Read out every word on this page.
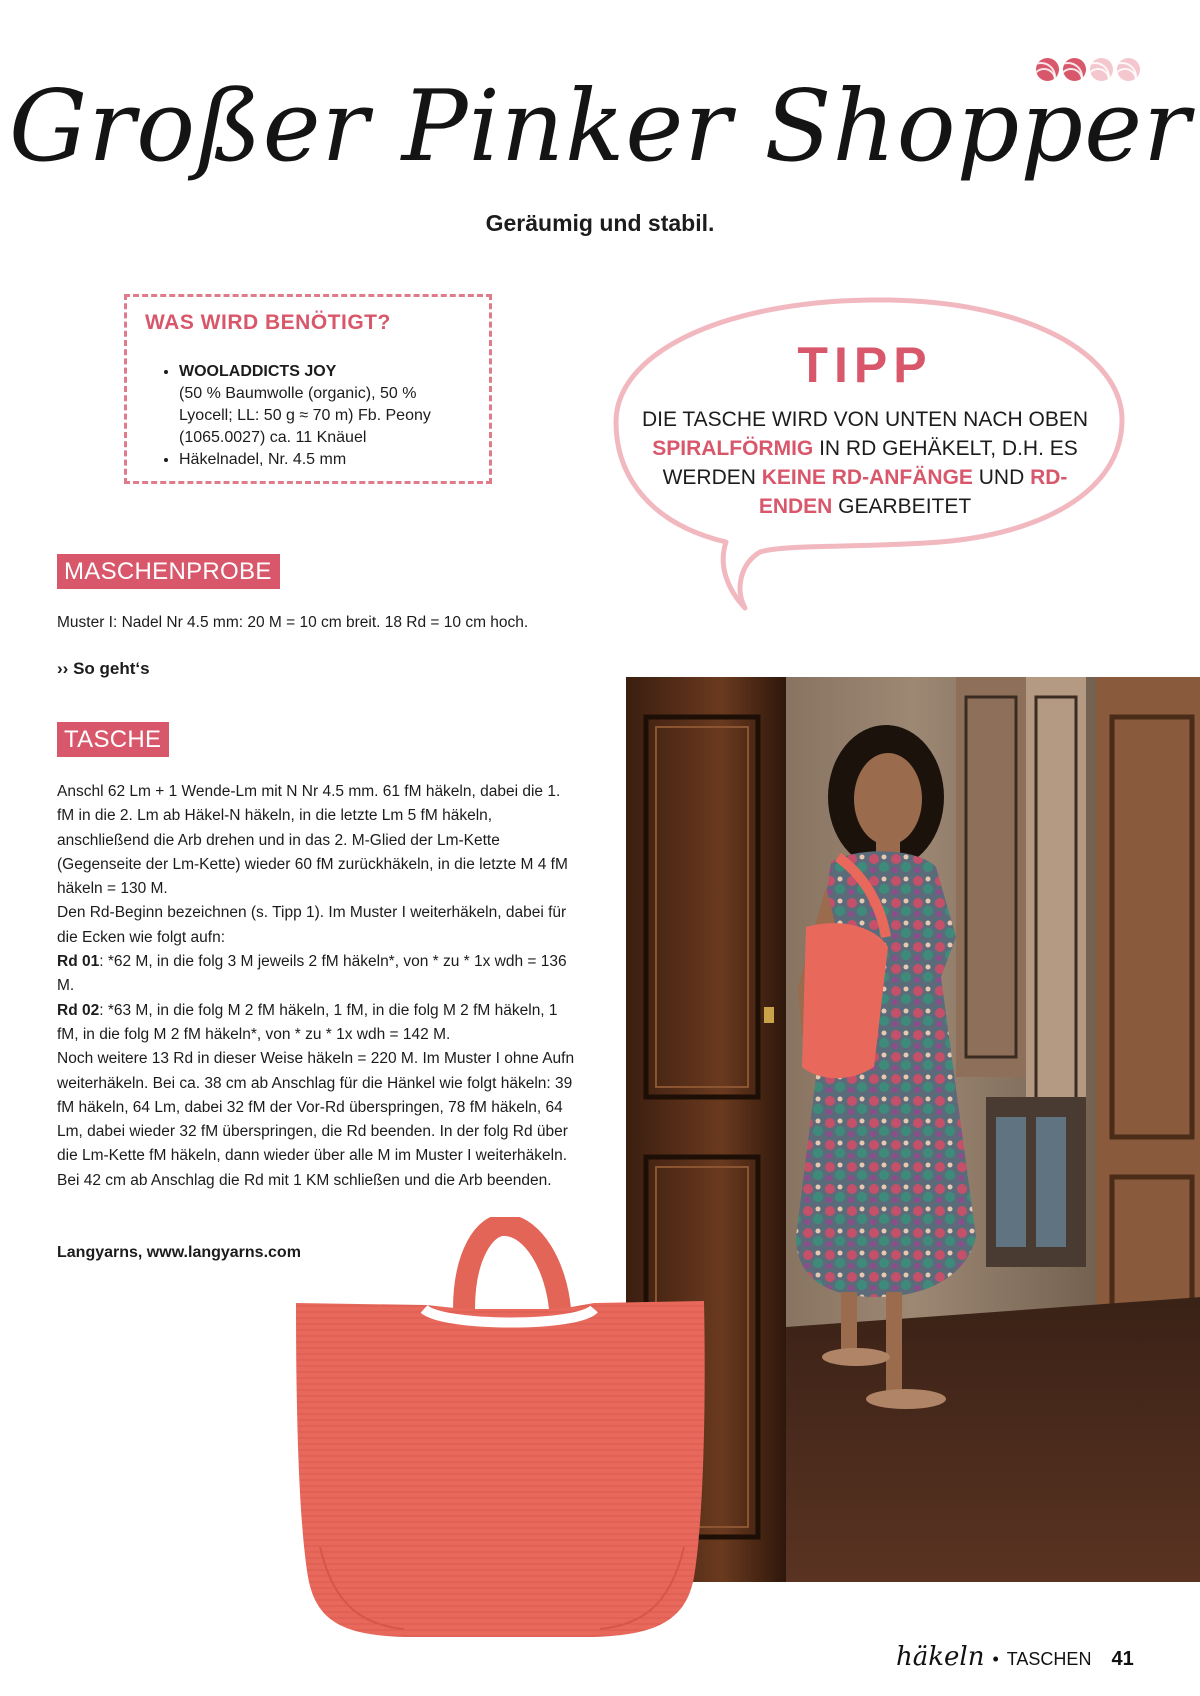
Großer Pinker Shopper
Geräumig und stabil.
WAS WIRD BENÖTIGT?
• WOOLADDICTS JOY
(50 % Baumwolle (organic), 50 % Lyocell; LL: 50 g ≈ 70 m) Fb. Peony (1065.0027) ca. 11 Knäuel
• Häkelnadel, Nr. 4.5 mm
TIPP
DIE TASCHE WIRD VON UNTEN NACH OBEN SPIRALFÖRMIG IN RD GEHÄKELT, D.H. ES WERDEN KEINE RD-ANFÄNGE UND RD-ENDEN GEARBEITET
MASCHENPROBE
Muster I: Nadel Nr 4.5 mm: 20 M = 10 cm breit. 18 Rd = 10 cm hoch.
›› So geht‘s
TASCHE
Anschl 62 Lm + 1 Wende-Lm mit N Nr 4.5 mm. 61 fM häkeln, dabei die 1. fM in die 2. Lm ab Häkel-N häkeln, in die letzte Lm 5 fM häkeln, anschließend die Arb drehen und in das 2. M-Glied der Lm-Kette (Gegenseite der Lm-Kette) wieder 60 fM zurückhäkeln, in die letzte M 4 fM häkeln = 130 M.
Den Rd-Beginn bezeichnen (s. Tipp 1). Im Muster I weiterhäkeln, dabei für die Ecken wie folgt aufn:
Rd 01: *62 M, in die folg 3 M jeweils 2 fM häkeln*, von * zu * 1x wdh = 136 M.
Rd 02: *63 M, in die folg M 2 fM häkeln, 1 fM, in die folg M 2 fM häkeln, 1 fM, in die folg M 2 fM häkeln*, von * zu * 1x wdh = 142 M.
Noch weitere 13 Rd in dieser Weise häkeln = 220 M. Im Muster I ohne Aufn weiterhäkeln. Bei ca. 38 cm ab Anschlag für die Hänkel wie folgt häkeln: 39 fM häkeln, 64 Lm, dabei 32 fM der Vor-Rd überspringen, 78 fM häkeln, 64 Lm, dabei wieder 32 fM überspringen, die Rd beenden. In der folg Rd über die Lm-Kette fM häkeln, dann wieder über alle M im Muster I weiterhäkeln. Bei 42 cm ab Anschlag die Rd mit 1 KM schließen und die Arb beenden.
Langyarns, www.langyarns.com
häkeln • TASCHEN 41
